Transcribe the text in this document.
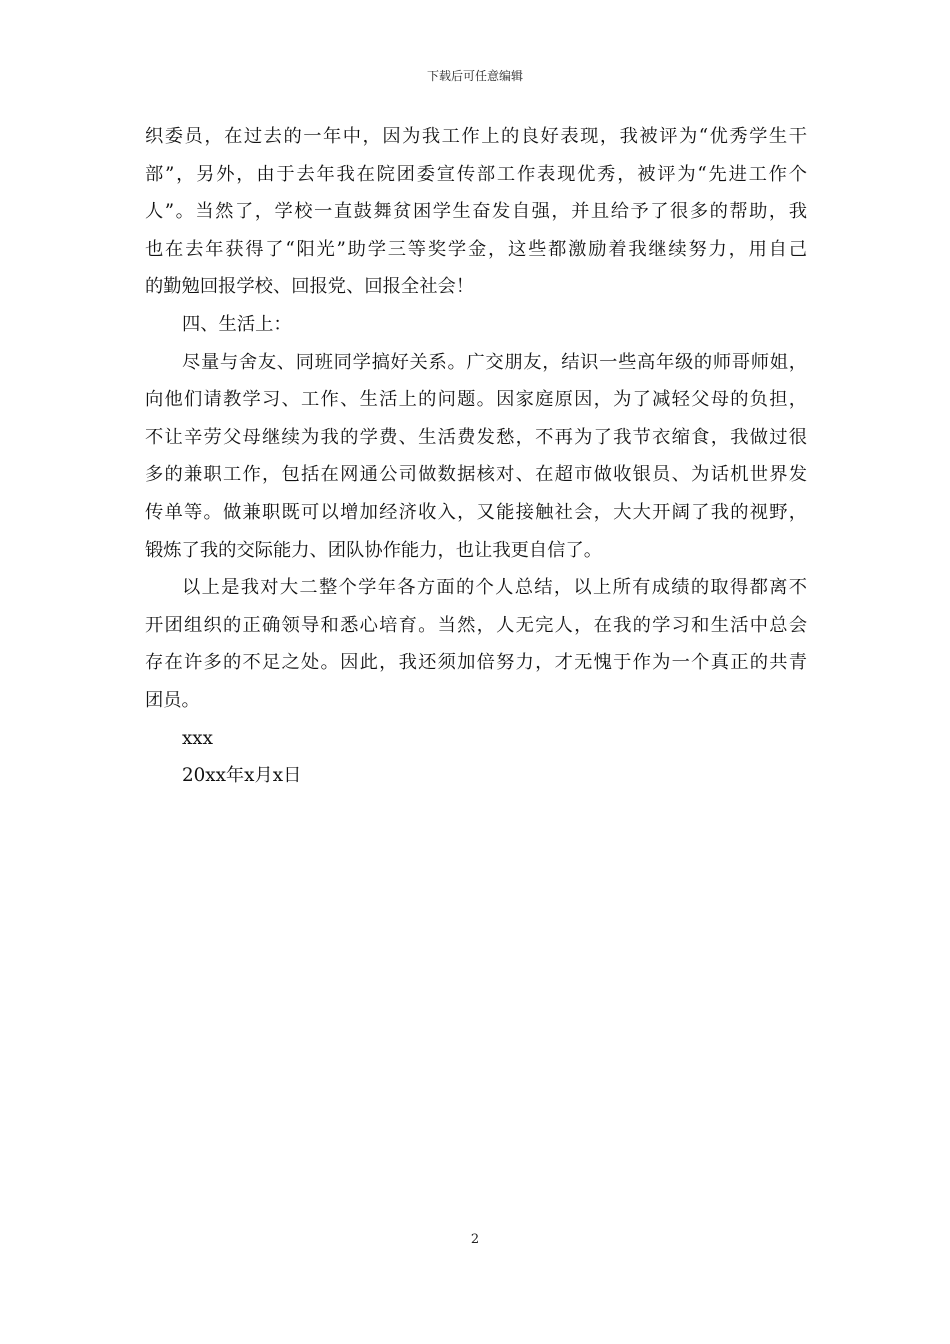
下载后可任意编辑
织委员，在过去的一年中，因为我工作上的良好表现，我被评为“优秀学生干
部”，另外，由于去年我在院团委宣传部工作表现优秀，被评为“先进工作个
人”。当然了，学校一直鼓舞贫困学生奋发自强，并且给予了很多的帮助，我
也在去年获得了“阳光”助学三等奖学金，这些都激励着我继续努力，用自己
的勤勉回报学校、回报党、回报全社会！
四、生活上：
尽量与舍友、同班同学搞好关系。广交朋友，结识一些高年级的师哥师姐，
向他们请教学习、工作、生活上的问题。因家庭原因，为了减轻父母的负担，
不让辛劳父母继续为我的学费、生活费发愁，不再为了我节衣缩食，我做过很
多的兼职工作，包括在网通公司做数据核对、在超市做收银员、为话机世界发
传单等。做兼职既可以增加经济收入，又能接触社会，大大开阔了我的视野，
锻炼了我的交际能力、团队协作能力，也让我更自信了。
以上是我对大二整个学年各方面的个人总结，以上所有成绩的取得都离不
开团组织的正确领导和悉心培育。当然，人无完人，在我的学习和生活中总会
存在许多的不足之处。因此，我还须加倍努力，才无愧于作为一个真正的共青
团员。
xxx
20xx年x月x日
2
